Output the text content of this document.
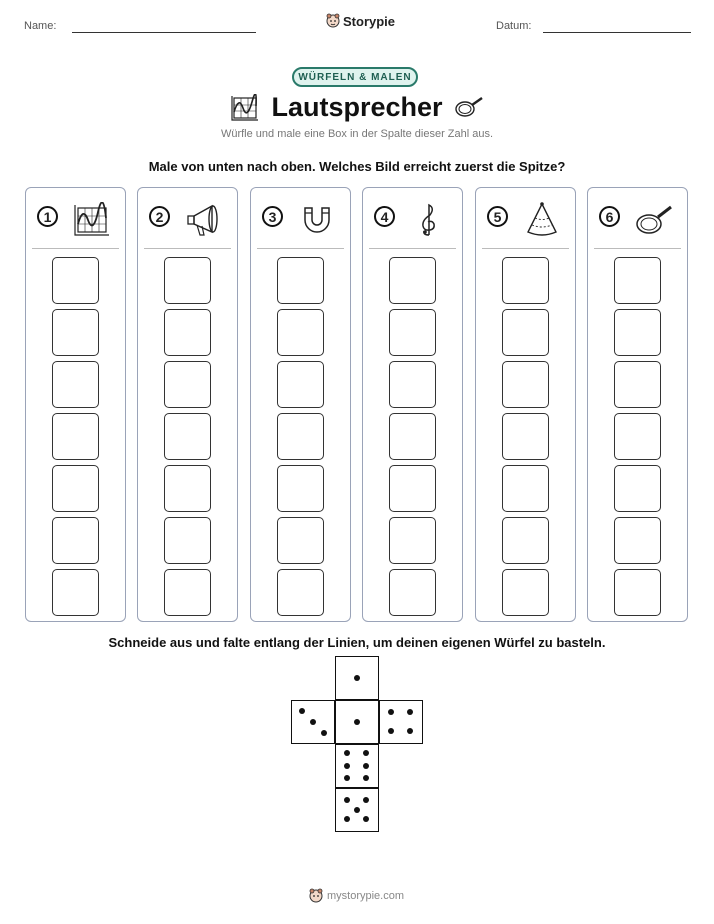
Name:	Storypie	Datum:
WÜRFELN & MALEN
Lautsprecher
Würfle und male eine Box in der Spalte dieser Zahl aus.
Male von unten nach oben. Welches Bild erreicht zuerst die Spitze?
1	2	3	4	5	6
Schneide aus und falte entlang der Linien, um deinen eigenen Würfel zu basteln.
mystorypie.com
